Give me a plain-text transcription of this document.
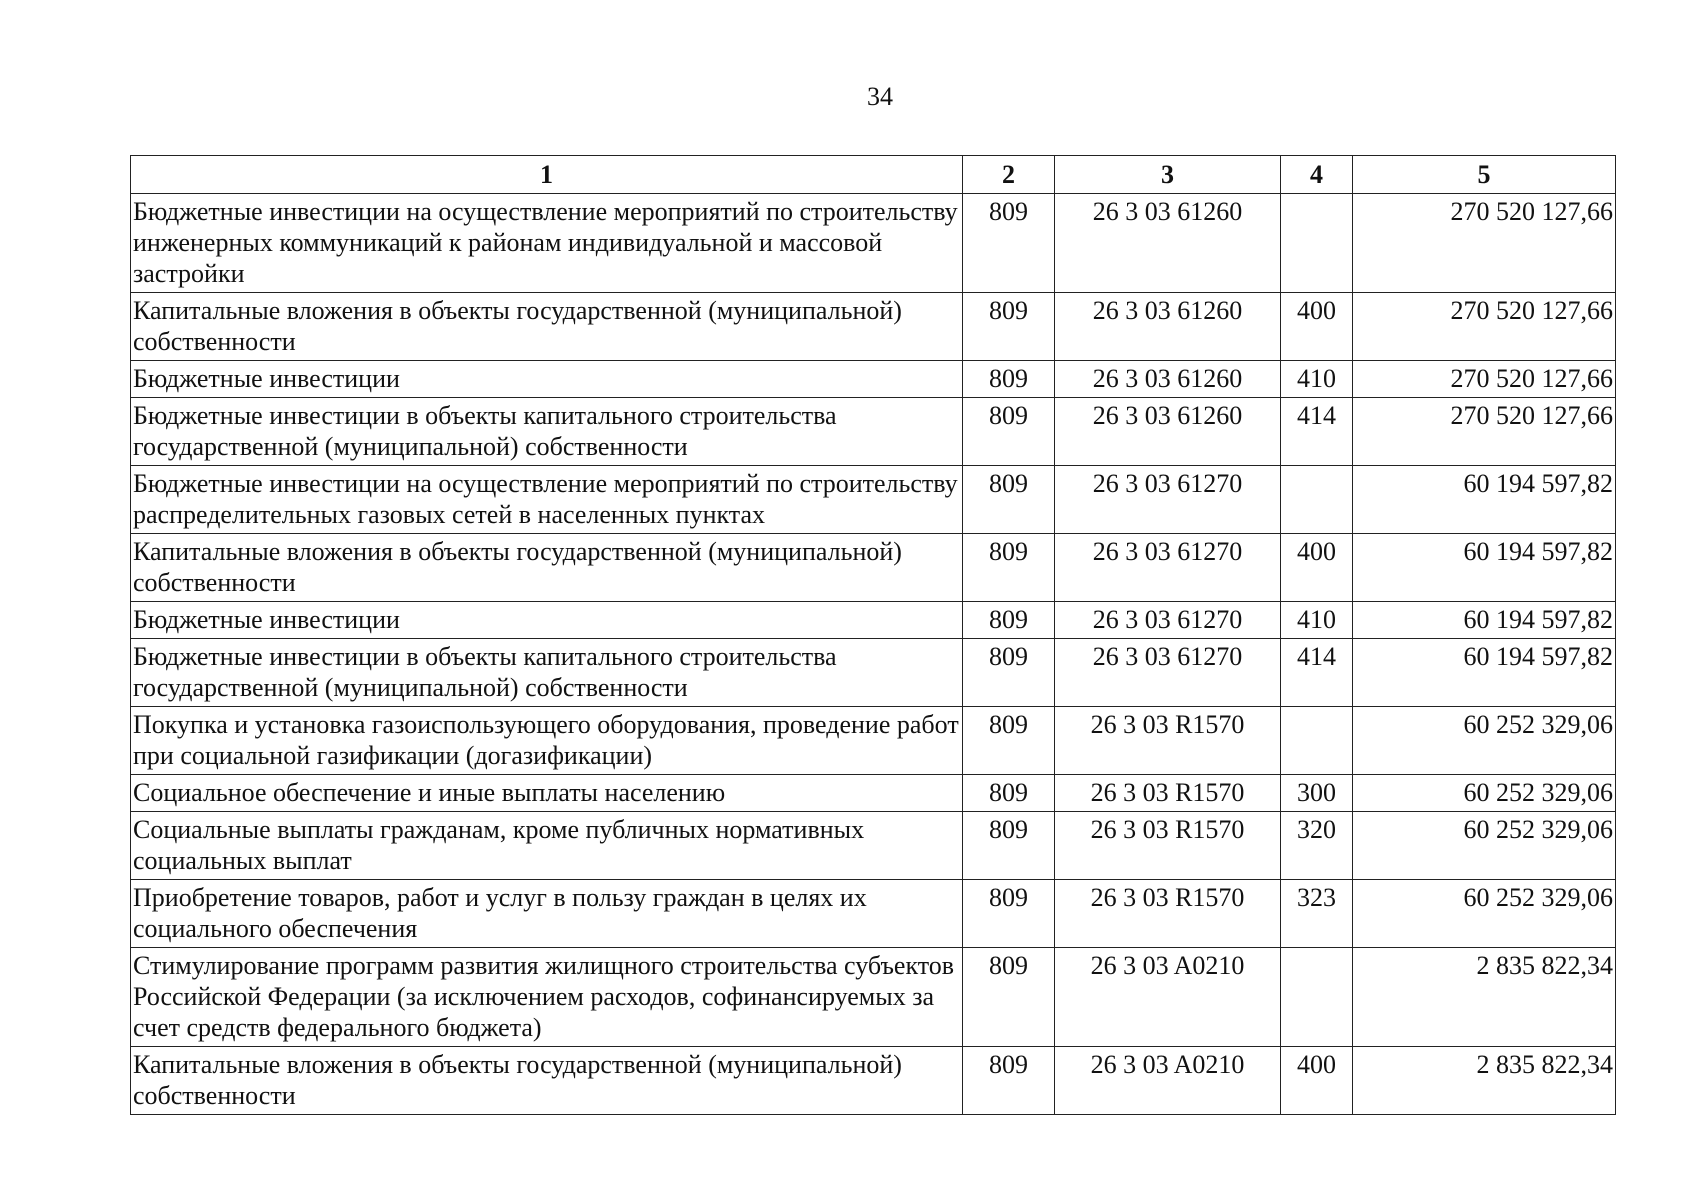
34
1	2	3	4	5
Бюджетные инвестиции на осуществление мероприятий по строительству инженерных коммуникаций к районам индивидуальной и массовой застройки	809	26 3 03 61260		270 520 127,66
Капитальные вложения в объекты государственной (муниципальной) собственности	809	26 3 03 61260	400	270 520 127,66
Бюджетные инвестиции	809	26 3 03 61260	410	270 520 127,66
Бюджетные инвестиции в объекты капитального строительства государственной (муниципальной) собственности	809	26 3 03 61260	414	270 520 127,66
Бюджетные инвестиции на осуществление мероприятий по строительству распределительных газовых сетей в населенных пунктах	809	26 3 03 61270		60 194 597,82
Капитальные вложения в объекты государственной (муниципальной) собственности	809	26 3 03 61270	400	60 194 597,82
Бюджетные инвестиции	809	26 3 03 61270	410	60 194 597,82
Бюджетные инвестиции в объекты капитального строительства государственной (муниципальной) собственности	809	26 3 03 61270	414	60 194 597,82
Покупка и установка газоиспользующего оборудования, проведение работ при социальной газификации (догазификации)	809	26 3 03 R1570		60 252 329,06
Социальное обеспечение и иные выплаты населению	809	26 3 03 R1570	300	60 252 329,06
Социальные выплаты гражданам, кроме публичных нормативных социальных выплат	809	26 3 03 R1570	320	60 252 329,06
Приобретение товаров, работ и услуг в пользу граждан в целях их социального обеспечения	809	26 3 03 R1570	323	60 252 329,06
Стимулирование программ развития жилищного строительства субъектов Российской Федерации (за исключением расходов, софинансируемых за счет средств федерального бюджета)	809	26 3 03 A0210		2 835 822,34
Капитальные вложения в объекты государственной (муниципальной) собственности	809	26 3 03 A0210	400	2 835 822,34
